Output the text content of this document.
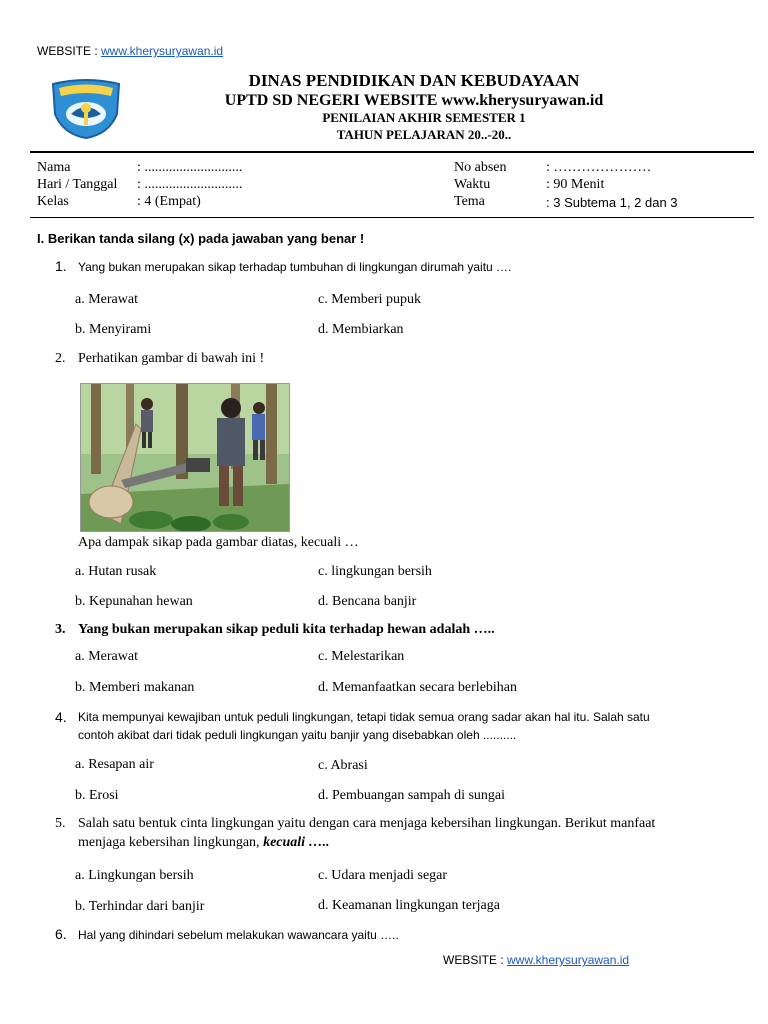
WEBSITE : www.kherysuryawan.id
DINAS PENDIDIKAN DAN KEBUDAYAAN
UPTD SD NEGERI WEBSITE www.kherysuryawan.id
PENILAIAN AKHIR SEMESTER 1
TAHUN PELAJARAN 20..-20..
Nama	: ............................
Hari / Tanggal : ............................
Kelas	: 4 (Empat)
No absen	: …………………
Waktu	: 90 Menit
Tema	: 3 Subtema 1, 2 dan 3
I. Berikan tanda silang (x) pada jawaban yang benar !
1. Yang bukan merupakan sikap terhadap tumbuhan di lingkungan dirumah yaitu ….
a. Merawat
b. Menyirami
c. Memberi pupuk
d. Membiarkan
2. Perhatikan gambar di bawah ini !
Apa dampak sikap pada gambar diatas, kecuali …
a. Hutan rusak
b. Kepunahan hewan
c. lingkungan bersih
d. Bencana banjir
3. Yang bukan merupakan sikap peduli kita terhadap hewan adalah …..
a. Merawat
b. Memberi makanan
c. Melestarikan
d. Memanfaatkan secara berlebihan
4. Kita mempunyai kewajiban untuk peduli lingkungan, tetapi tidak semua orang sadar akan hal itu. Salah satu
contoh akibat dari tidak peduli lingkungan yaitu banjir yang disebabkan oleh ..........
a. Resapan air
b. Erosi
c. Abrasi
d. Pembuangan sampah di sungai
5. Salah satu bentuk cinta lingkungan yaitu dengan cara menjaga kebersihan lingkungan. Berikut manfaat
menjaga kebersihan lingkungan, kecuali …..
a. Lingkungan bersih
b. Terhindar dari banjir
c. Udara menjadi segar
d. Keamanan lingkungan terjaga
6. Hal yang dihindari sebelum melakukan wawancara yaitu …..
WEBSITE : www.kherysuryawan.id
